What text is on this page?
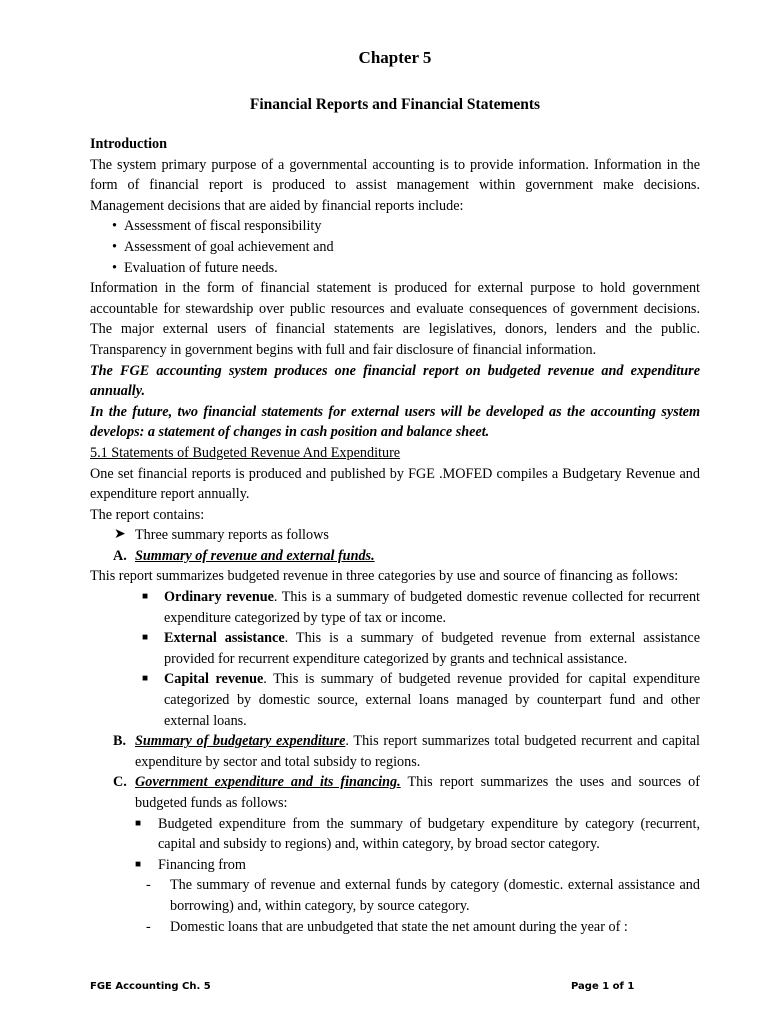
Chapter 5
Financial Reports and Financial Statements

Introduction

The system primary purpose of a governmental accounting is to provide information. Information in the form of financial report is produced to assist management within government make decisions. Management decisions that are aided by financial reports include:

• Assessment of fiscal responsibility
• Assessment of goal achievement and
• Evaluation of future needs.

Information in the form of financial statement is produced for external purpose to hold government accountable for stewardship over public resources and evaluate consequences of government decisions. The major external users of financial statements are legislatives, donors, lenders and the public. Transparency in government begins with full and fair disclosure of financial information.

The FGE accounting system produces one financial report on budgeted revenue and expenditure annually.

In the future, two financial statements for external users will be developed as the accounting system develops: a statement of changes in cash position and balance sheet.

5.1 Statements of Budgeted Revenue And Expenditure

One set financial reports is produced and published by FGE .MOFED compiles a Budgetary Revenue and expenditure report annually.

The report contains:

➤ Three summary reports as follows
A. Summary of revenue and external funds.

This report summarizes budgeted revenue in three categories by use and source of financing as follows:

■ Ordinary revenue. This is a summary of budgeted domestic revenue collected for recurrent expenditure categorized by type of tax or income.
■ External assistance. This is a summary of budgeted revenue from external assistance provided for recurrent expenditure categorized by grants and technical assistance.
■ Capital revenue. This is summary of budgeted revenue provided for capital expenditure categorized by domestic source, external loans managed by counterpart fund and other external loans.
B. Summary of budgetary expenditure. This report summarizes total budgeted recurrent and capital expenditure by sector and total subsidy to regions.
C. Government expenditure and its financing. This report summarizes the uses and sources of budgeted funds as follows:
■ Budgeted expenditure from the summary of budgetary expenditure by category (recurrent, capital and subsidy to regions) and, within category, by broad sector category.
■ Financing from
- The summary of revenue and external funds by category (domestic. external assistance and borrowing) and, within category, by source category.
- Domestic loans that are unbudgeted that state the net amount during the year of :
FGE Accounting Ch. 5	Page 1 of 1
